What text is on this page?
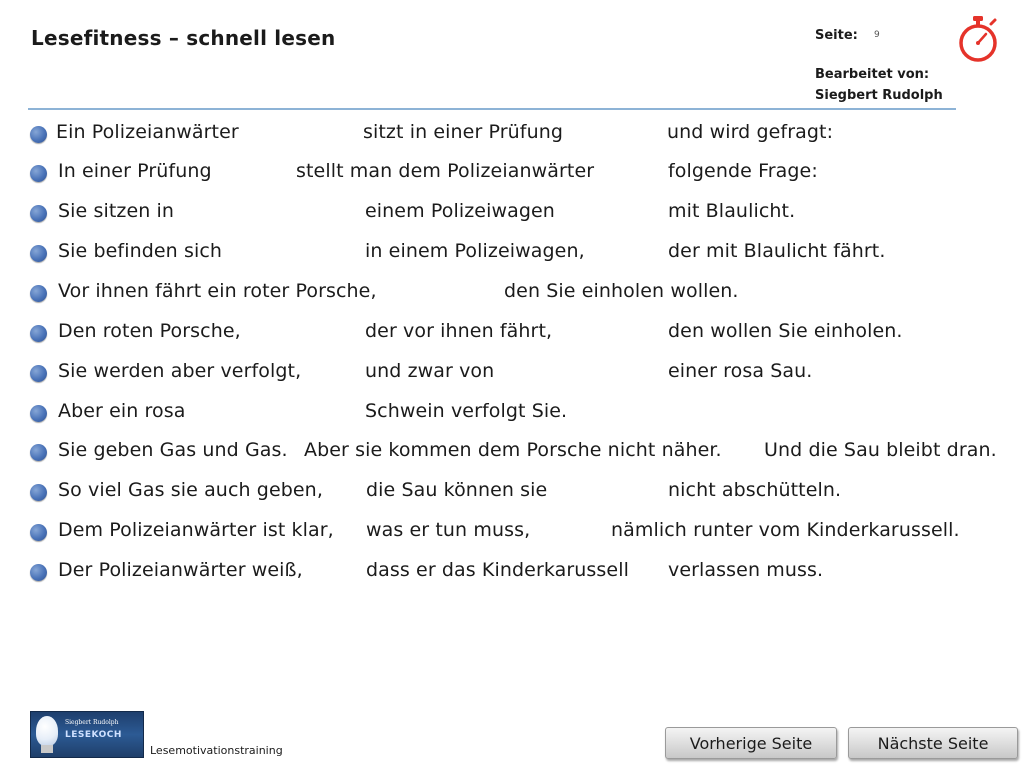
Lesefitness – schnell lesen	Seite: 9
Bearbeitet von:
Siegbert Rudolph
Ein Polizeianwärter	sitzt in einer Prüfung	und wird gefragt:
In einer Prüfung	stellt man dem Polizeianwärter	folgende Frage:
Sie sitzen in	einem Polizeiwagen	mit Blaulicht.
Sie befinden sich	in einem Polizeiwagen,	der mit Blaulicht fährt.
Vor ihnen fährt ein roter Porsche,	den Sie einholen wollen.
Den roten Porsche,	der vor ihnen fährt,	den wollen Sie einholen.
Sie werden aber verfolgt,	und zwar von	einer rosa Sau.
Aber ein rosa	Schwein verfolgt Sie.
Sie geben Gas und Gas. Aber sie kommen dem Porsche nicht näher. Und die Sau bleibt dran.
So viel Gas sie auch geben, die Sau können sie	nicht abschütteln.
Dem Polizeianwärter ist klar, was er tun muss,	nämlich runter vom Kinderkarussell.
Der Polizeianwärter weiß,	dass er das Kinderkarussell verlassen muss.
Siegbert Rudolph
LESEKOCH
Lesemotivationstraining	Vorherige Seite	Nächste Seite
